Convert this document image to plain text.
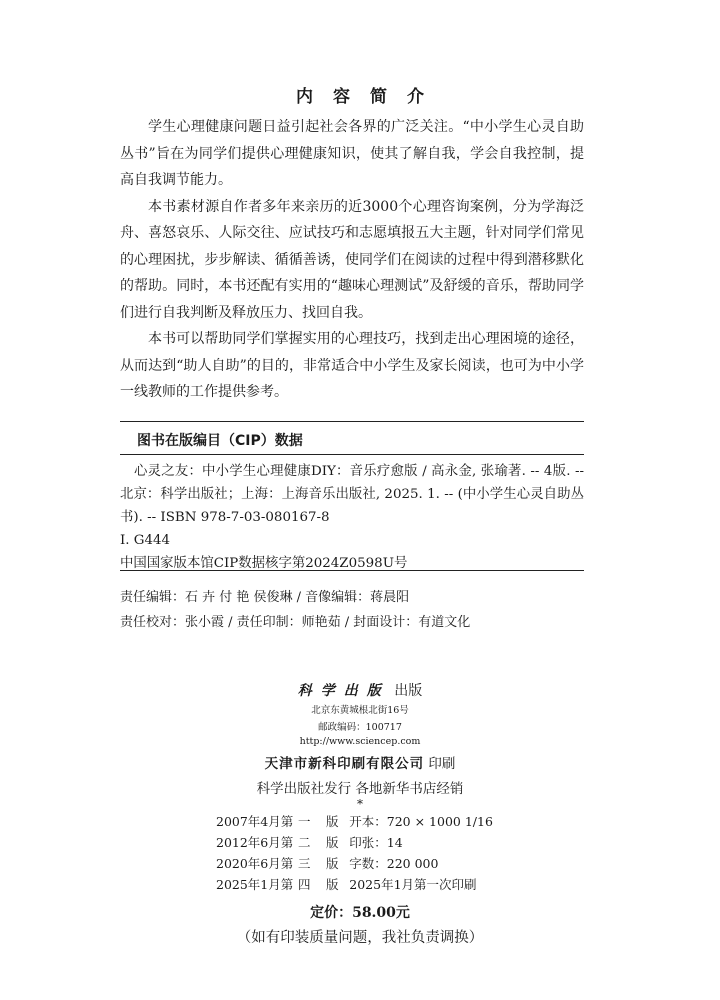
内容简介

学生心理健康问题日益引起社会各界的广泛关注。“中小学生心灵自助丛书”旨在为同学们提供心理健康知识，使其了解自我，学会自我控制，提高自我调节能力。

本书素材源自作者多年来亲历的近3000个心理咨询案例，分为学海泛舟、喜怒哀乐、人际交往、应试技巧和志愿填报五大主题，针对同学们常见的心理困扰，步步解读、循循善诱，使同学们在阅读的过程中得到潜移默化的帮助。同时，本书还配有实用的“趣味心理测试”及舒缓的音乐，帮助同学们进行自我判断及释放压力、找回自我。

本书可以帮助同学们掌握实用的心理技巧，找到走出心理困境的途径，从而达到“助人自助”的目的，非常适合中小学生及家长阅读，也可为中小学一线教师的工作提供参考。

图书在版编目（CIP）数据
心灵之友：中小学生心理健康DIY：音乐疗愈版 / 高永金, 张瑜著. -- 4版. -- 北京：科学出版社；上海：上海音乐出版社, 2025. 1. -- (中小学生心灵自助丛书). -- ISBN 978-7-03-080167-8
Ⅰ. G444
中国国家版本馆CIP数据核字第2024Z0598U号
责任编辑：石 卉 付 艳 侯俊琳 / 音像编辑：蒋晨阳
责任校对：张小霞 / 责任印制：师艳茹 / 封面设计：有道文化
科学出版 出版
北京东黄城根北街16号
邮政编码：100717
http://www.sciencep.com
天津市新科印刷有限公司 印刷
科学出版社发行 各地新华书店经销
*
2007年4月第	一	版	开本：720 × 1000 1/16
2012年6月第	二	版	印张：14
2020年6月第	三	版	字数：220 000
2025年1月第	四	版	2025年1月第一次印刷
定价：58.00元
（如有印装质量问题，我社负责调换）
